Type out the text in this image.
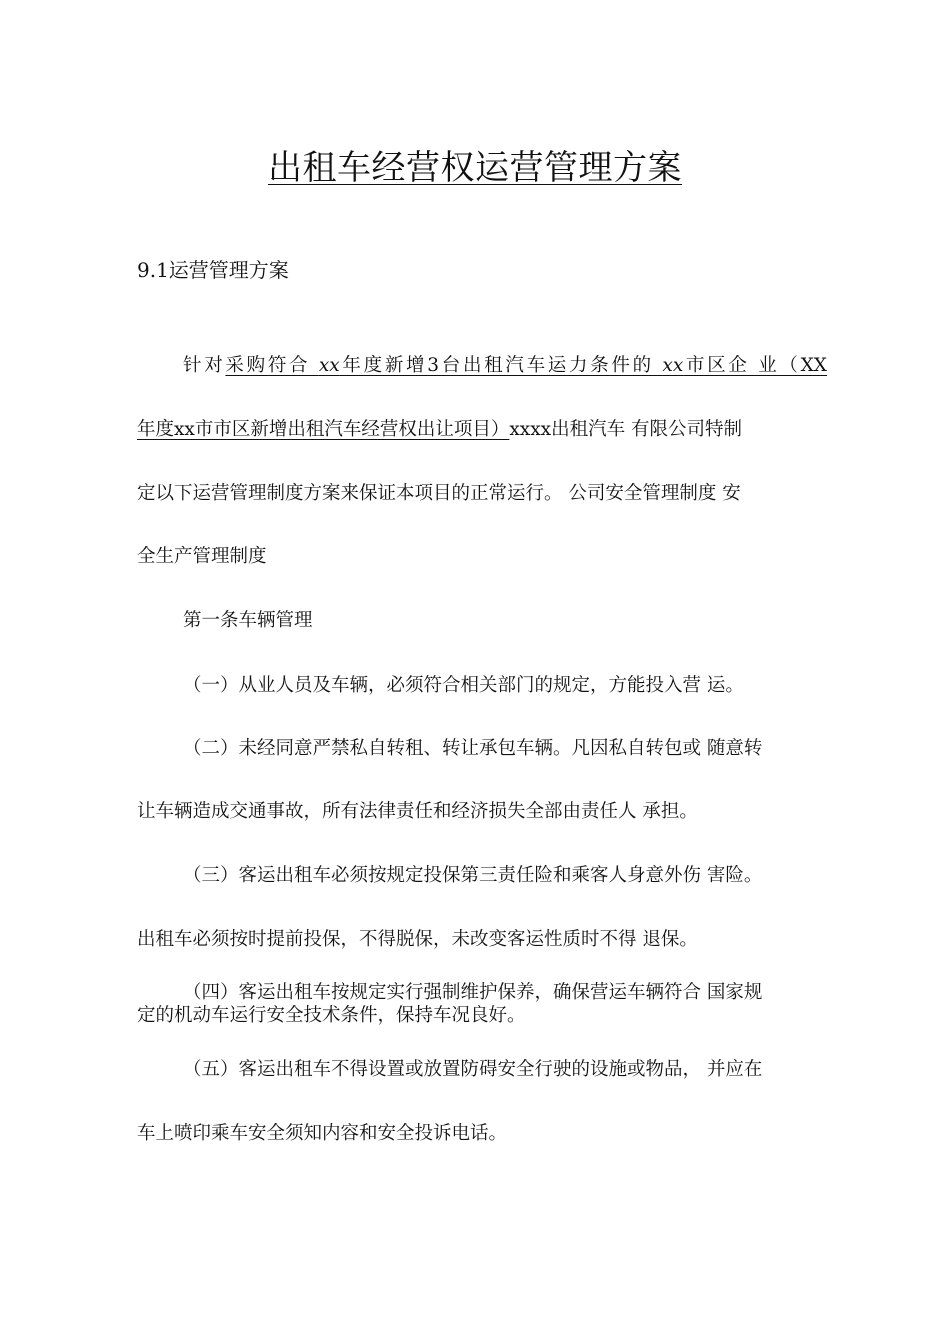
出租车经营权运营管理方案
9.1运营管理方案
针对采购符合 xx年度新增3台出租汽车运力条件的 xx市区企 业（XX
年度xx市市区新增出租汽车经营权出让项目）xxxx出租汽车 有限公司特制
定以下运营管理制度方案来保证本项目的正常运行。 公司安全管理制度 安
全生产管理制度
第一条车辆管理
（一）从业人员及车辆，必须符合相关部门的规定，方能投入营 运。
（二）未经同意严禁私自转租、转让承包车辆。凡因私自转包或 随意转
让车辆造成交通事故，所有法律责任和经济损失全部由责任人 承担。
（三）客运出租车必须按规定投保第三责任险和乘客人身意外伤 害险。
出租车必须按时提前投保，不得脱保，未改变客运性质时不得 退保。
（四）客运出租车按规定实行强制维护保养，确保营运车辆符合 国家规
定的机动车运行安全技术条件，保持车况良好。
（五）客运出租车不得设置或放置防碍安全行驶的设施或物品， 并应在
车上喷印乘车安全须知内容和安全投诉电话。
